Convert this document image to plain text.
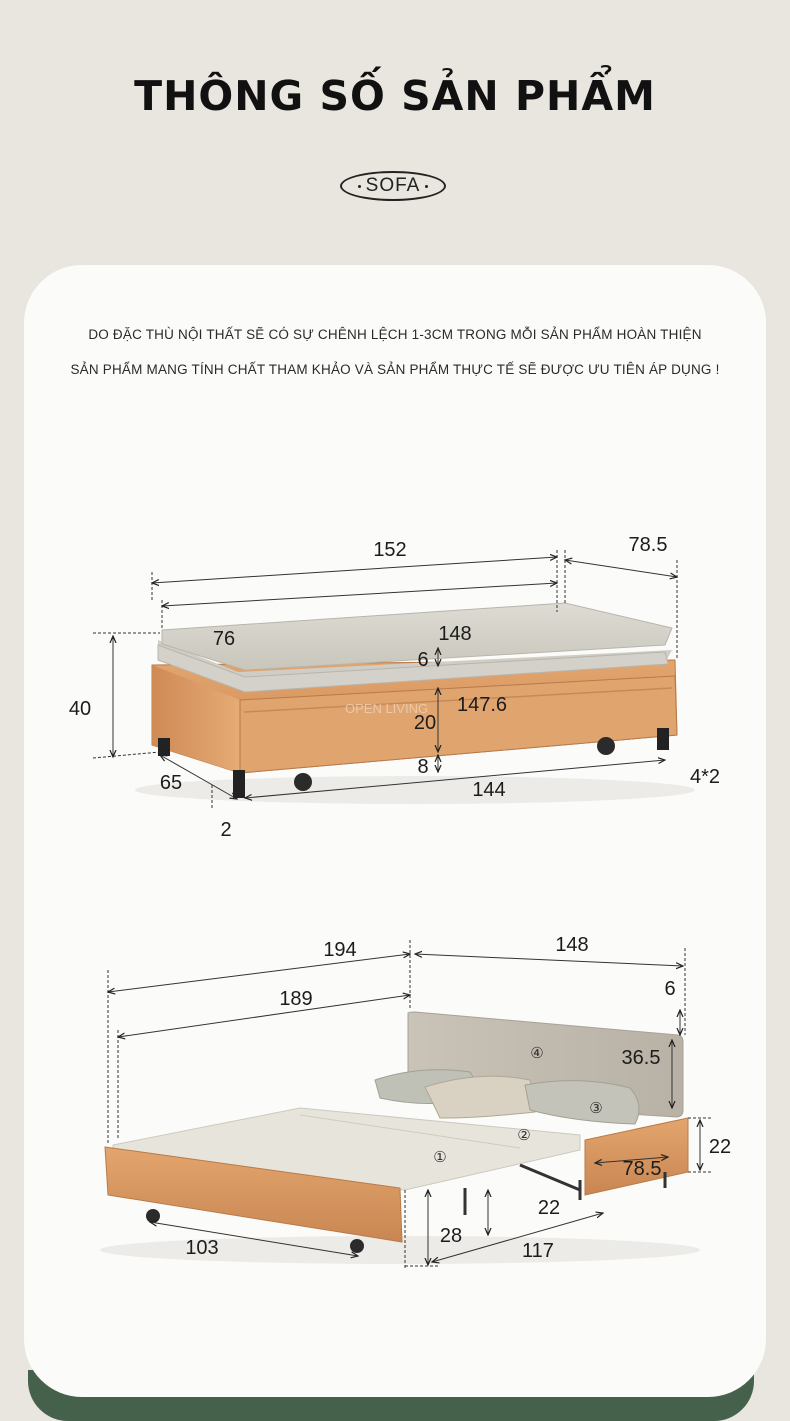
THÔNG SỐ SẢN PHẨM
SOFA
DO ĐẶC THÙ NỘI THẤT SẼ CÓ SỰ CHÊNH LỆCH 1-3CM TRONG MỖI SẢN PHẨM HOÀN THIỆN
SẢN PHẨM MANG TÍNH CHẤT THAM KHẢO VÀ SẢN PHẨM THỰC TẾ SẼ ĐƯỢC ƯU TIÊN ÁP DỤNG !
OPEN LIVING
152	78.5
148
76
6
40	147.6
20
8
144
65
2
4*2
194
189
148
6
36.5
22
78.5
28
22
117
103
①
②
③
④
